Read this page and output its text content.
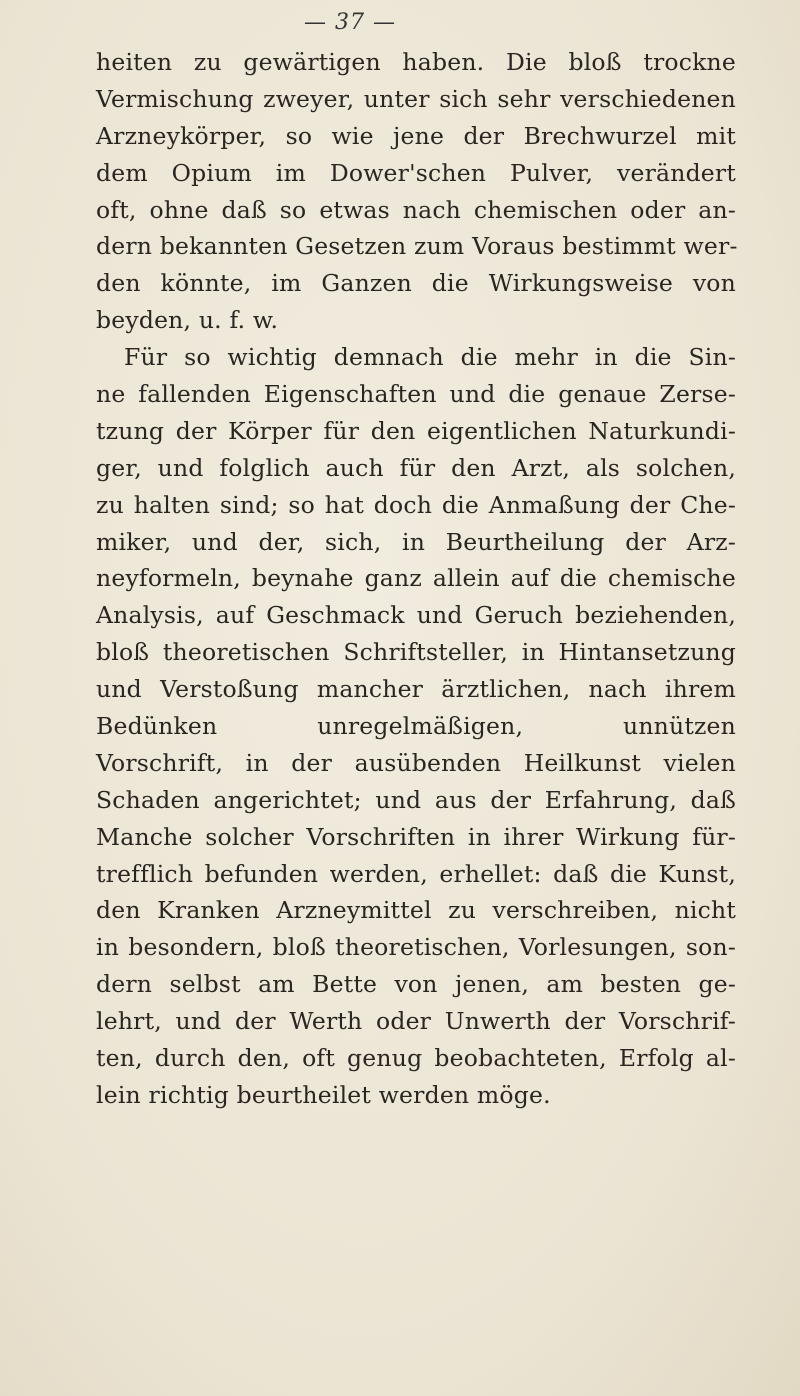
— 37 —
heiten zu gewärtigen haben. Die bloß trockne
Vermischung zweyer, unter sich sehr verschiedenen
Arzneykörper, so wie jene der Brechwurzel mit
dem Opium im Dower'schen Pulver, verändert
oft, ohne daß so etwas nach chemischen oder an-
dern bekannten Gesetzen zum Voraus bestimmt wer-
den könnte, im Ganzen die Wirkungsweise von
beyden, u. f. w.
Für so wichtig demnach die mehr in die Sin-
ne fallenden Eigenschaften und die genaue Zerse-
tzung der Körper für den eigentlichen Naturkundi-
ger, und folglich auch für den Arzt, als solchen,
zu halten sind; so hat doch die Anmaßung der Che-
miker, und der, sich, in Beurtheilung der Arz-
neyformeln, beynahe ganz allein auf die chemische
Analysis, auf Geschmack und Geruch beziehenden,
bloß theoretischen Schriftsteller, in Hintansetzung
und Verstoßung mancher ärztlichen, nach ihrem
Bedünken unregelmäßigen, unnützen
Vorschrift, in der ausübenden Heilkunst vielen
Schaden angerichtet; und aus der Erfahrung, daß
Manche solcher Vorschriften in ihrer Wirkung für-
trefflich befunden werden, erhellet: daß die Kunst,
den Kranken Arzneymittel zu verschreiben, nicht
in besondern, bloß theoretischen, Vorlesungen, son-
dern selbst am Bette von jenen, am besten ge-
lehrt, und der Werth oder Unwerth der Vorschrif-
ten, durch den, oft genug beobachteten, Erfolg al-
lein richtig beurtheilet werden möge.
